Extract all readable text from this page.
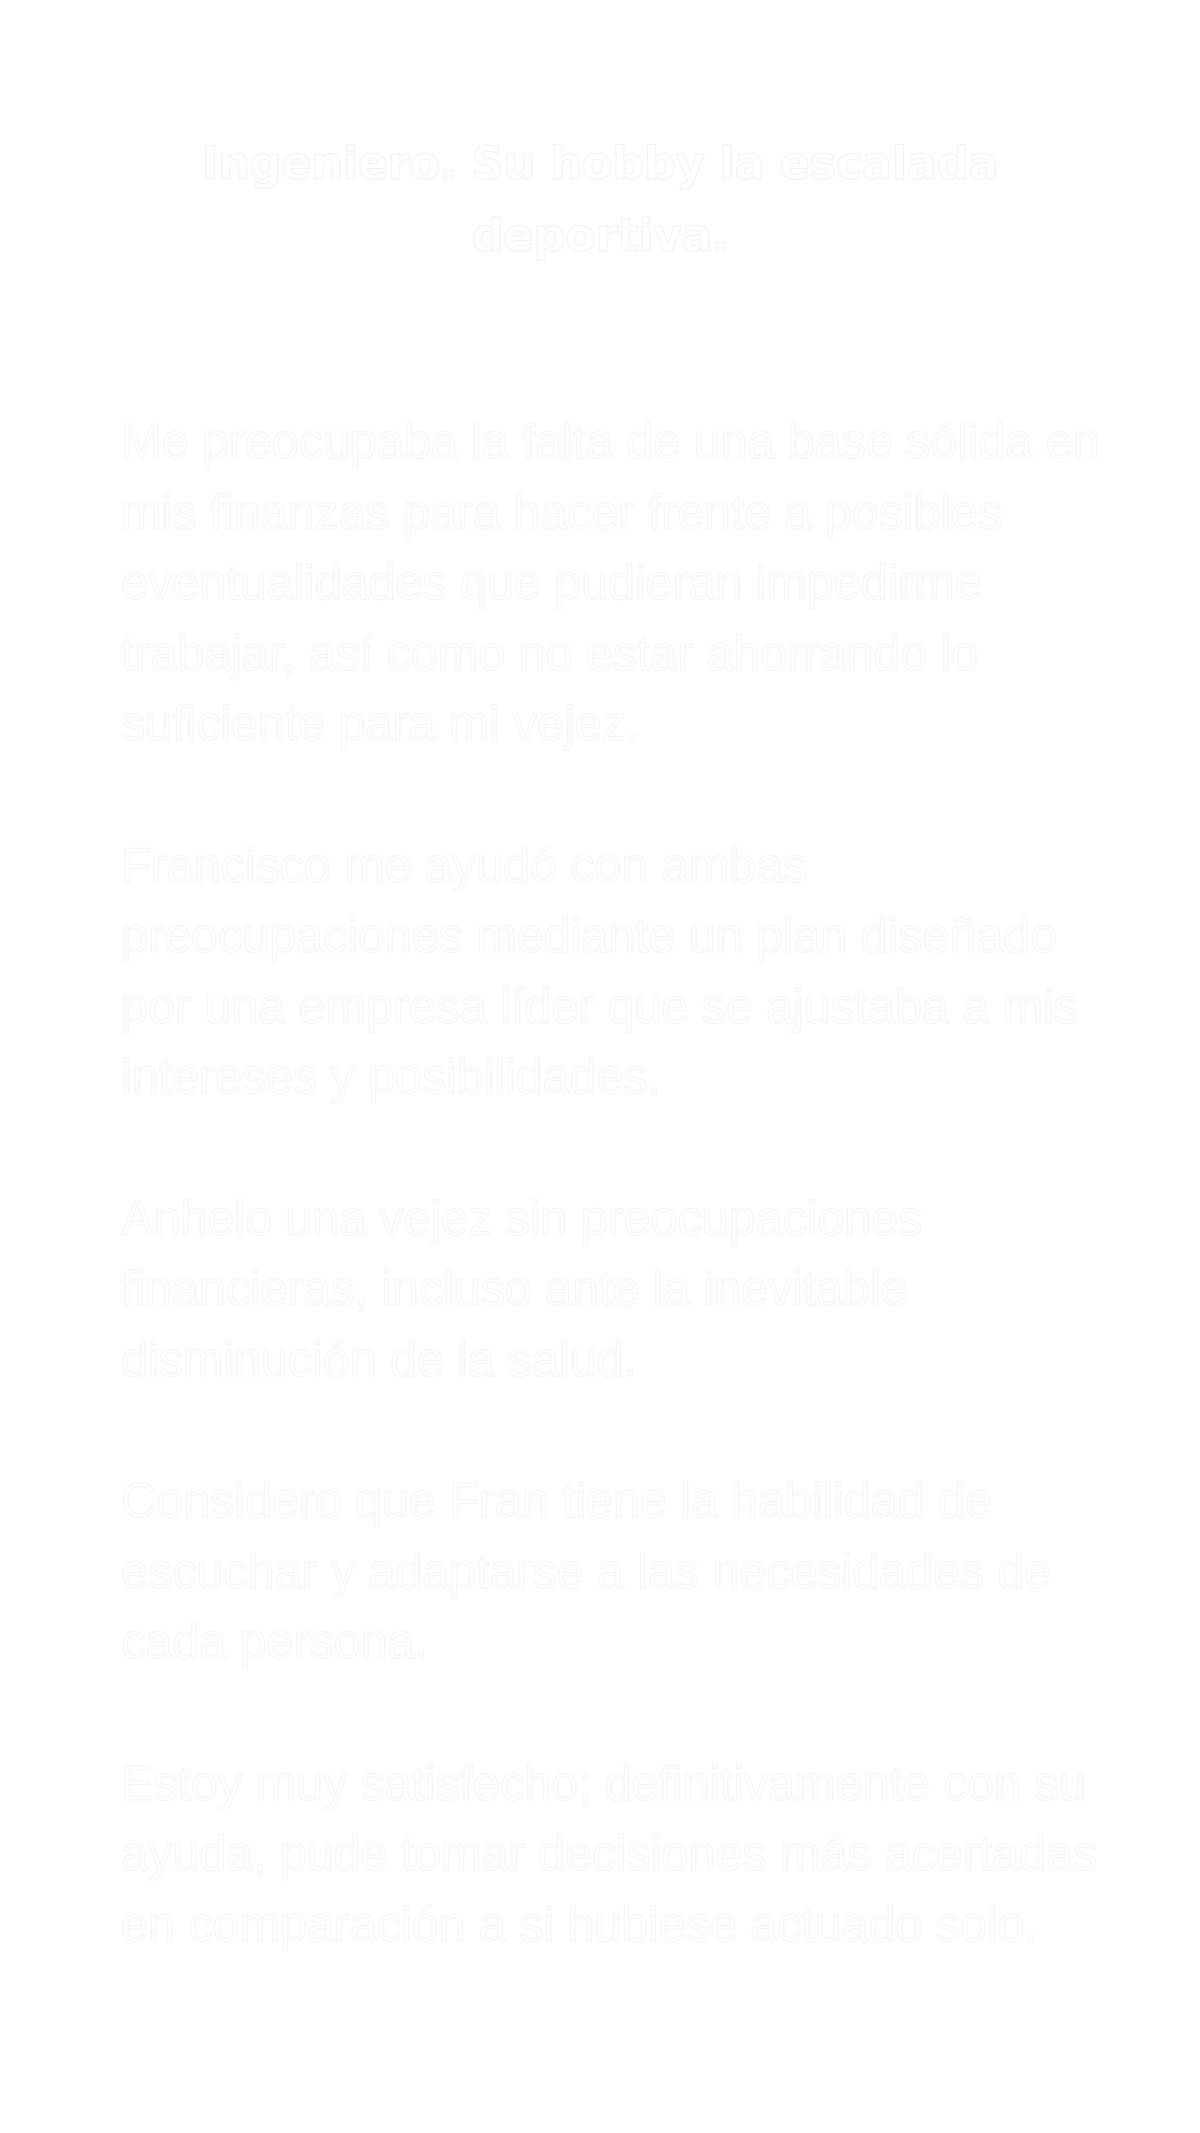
Ingeniero. Su hobby la escalada deportiva.

Me preocupaba la falta de una base sólida en mis finanzas para hacer frente a posibles eventualidades que pudieran impedirme trabajar, así como no estar ahorrando lo suficiente para mi vejez.

Francisco me ayudó con ambas preocupaciones mediante un plan diseñado por una empresa líder que se ajustaba a mis intereses y posibilidades.

Anhelo una vejez sin preocupaciones financieras, incluso ante la inevitable disminución de la salud.

Considero que Fran tiene la habilidad de escuchar y adaptarse a las necesidades de cada persona.

Estoy muy satisfecho; definitivamente con su ayuda, pude tomar decisiones más acertadas en comparación a si hubiese actuado solo.
